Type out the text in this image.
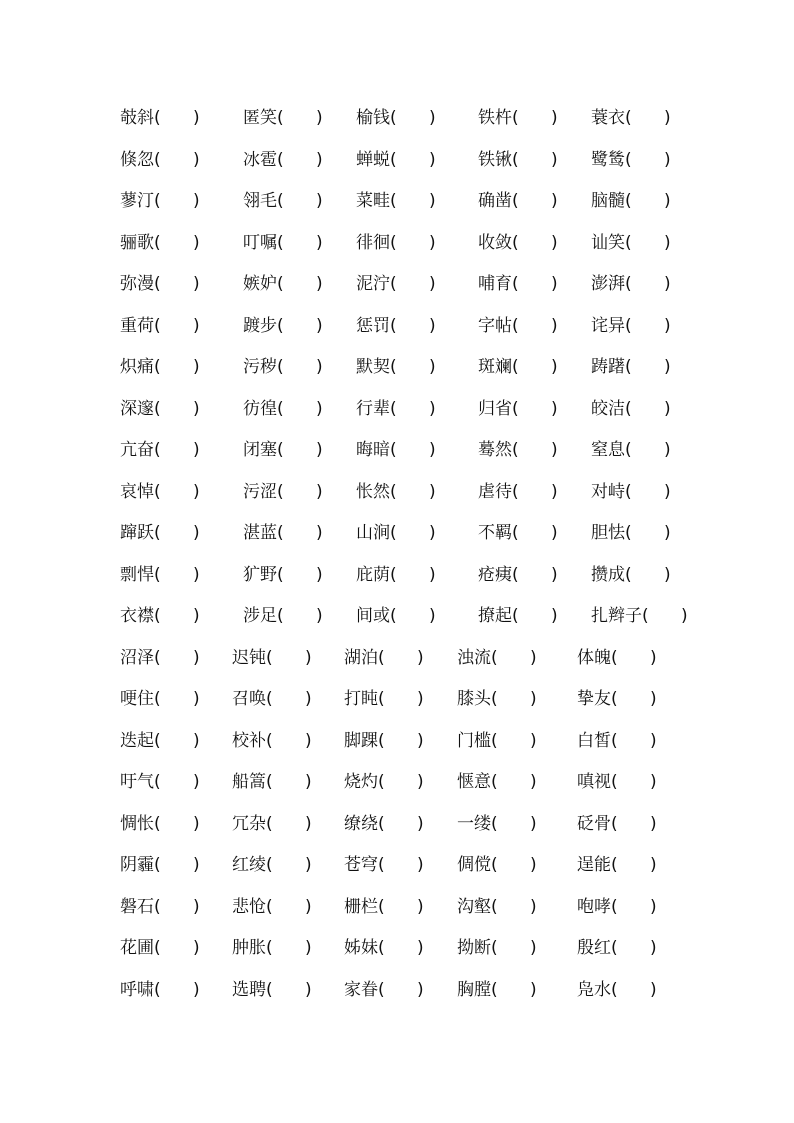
攲斜(      )	匿笑(      ) 榆钱(      ) 铁杵(      ) 蓑衣(      )
倏忽(      )	冰雹(      ) 蝉蜕(      ) 铁锹(      ) 鹭鸶(      )
蓼汀(      )	翎毛(      ) 菜畦(      ) 确凿(      ) 脑髓(      )
骊歌(      )	叮嘱(      ) 徘徊(      ) 收敛(      ) 讪笑(      )
弥漫(      )	嫉妒(      ) 泥泞(      ) 哺育(      ) 澎湃(      )
重荷(      )	踱步(      ) 惩罚(      ) 字帖(      ) 诧异(      )
炽痛(      )	污秽(      ) 默契(      ) 斑斓(      ) 踌躇(      )
深邃(      )	彷徨(      ) 行辈(      ) 归省(      ) 皎洁(      )
亢奋(      )	闭塞(      ) 晦暗(      ) 蓦然(      ) 窒息(      )
哀悼(      )	污涩(      ) 怅然(      ) 虐待(      ) 对峙(      )
蹿跃(      )	湛蓝(      ) 山涧(      ) 不羁(      ) 胆怯(      )
剽悍(      )	犷野(      ) 庇荫(      ) 疮痍(      ) 攒成(      )
衣襟(      )	涉足(      ) 间或(      ) 撩起(      ) 扎辫子(      )
沼泽(      ) 迟钝(      ) 湖泊(      ) 浊流(      ) 体魄(      )
哽住(      ) 召唤(      ) 打盹(      ) 膝头(      ) 挚友(      )
迭起(      ) 校补(      ) 脚踝(      ) 门槛(      ) 白皙(      )
吁气(      ) 船篙(      ) 烧灼(      ) 惬意(      ) 嗔视(      )
惆怅(      ) 冗杂(      ) 缭绕(      ) 一缕(      ) 砭骨(      )
阴霾(      ) 红绫(      ) 苍穹(      ) 倜傥(      ) 逞能(      )
磐石(      ) 悲怆(      ) 栅栏(      ) 沟壑(      ) 咆哮(      )
花圃(      ) 肿胀(      ) 姊妹(      ) 拗断(      ) 殷红(      )
呼啸(      ) 选聘(      ) 家眷(      ) 胸膛(      ) 凫水(      )
